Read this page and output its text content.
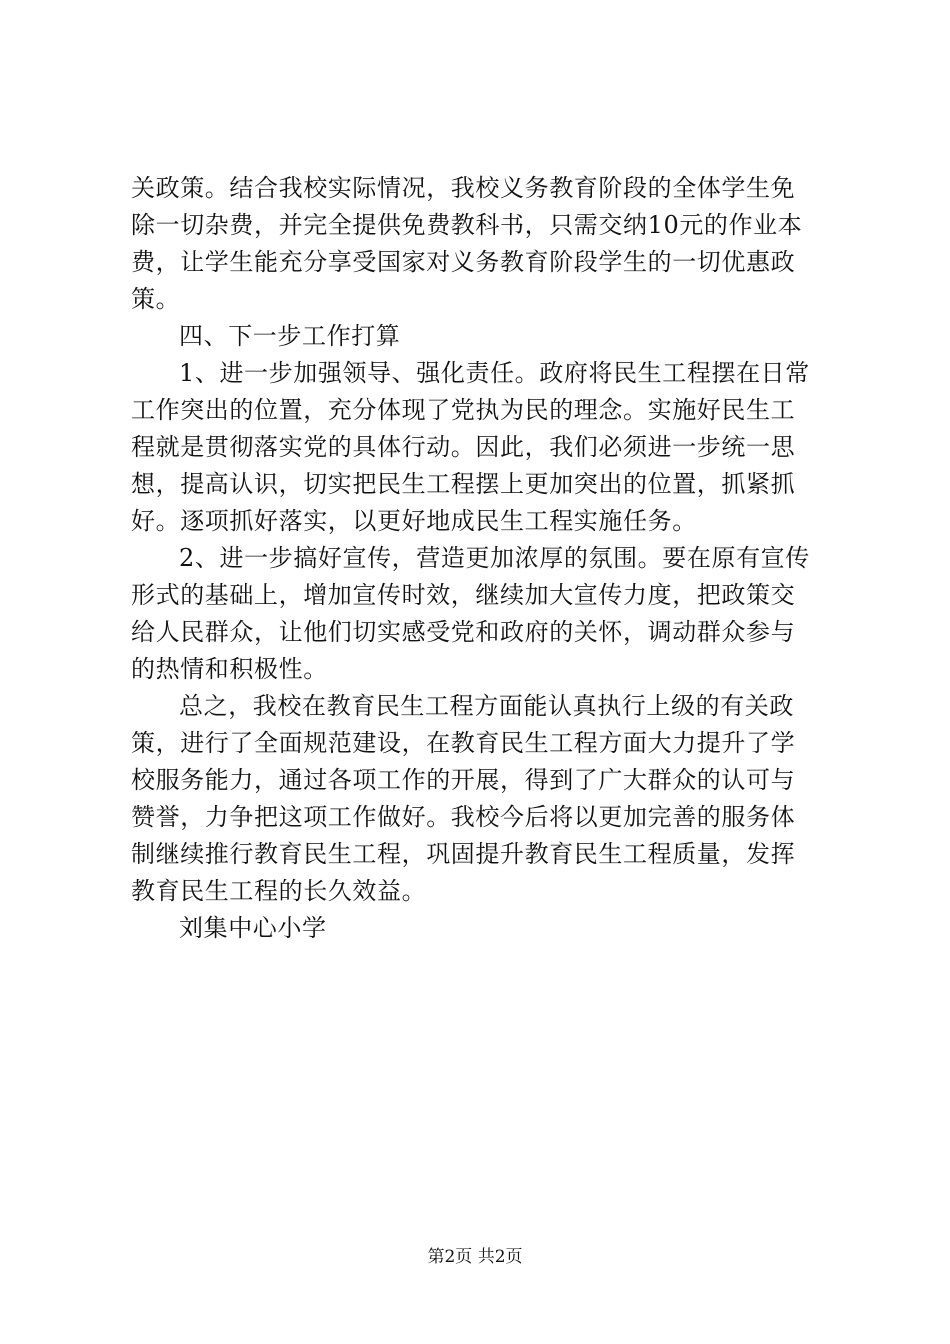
关政策。结合我校实际情况，我校义务教育阶段的全体学生免
除一切杂费，并完全提供免费教科书，只需交纳10元的作业本
费，让学生能充分享受国家对义务教育阶段学生的一切优惠政
策。
四、下一步工作打算
1、进一步加强领导、强化责任。政府将民生工程摆在日常
工作突出的位置，充分体现了党执为民的理念。实施好民生工
程就是贯彻落实党的具体行动。因此，我们必须进一步统一思
想，提高认识，切实把民生工程摆上更加突出的位置，抓紧抓
好。逐项抓好落实，以更好地成民生工程实施任务。
2、进一步搞好宣传，营造更加浓厚的氛围。要在原有宣传
形式的基础上，增加宣传时效，继续加大宣传力度，把政策交
给人民群众，让他们切实感受党和政府的关怀，调动群众参与
的热情和积极性。
总之，我校在教育民生工程方面能认真执行上级的有关政
策，进行了全面规范建设，在教育民生工程方面大力提升了学
校服务能力，通过各项工作的开展，得到了广大群众的认可与
赞誉，力争把这项工作做好。我校今后将以更加完善的服务体
制继续推行教育民生工程，巩固提升教育民生工程质量，发挥
教育民生工程的长久效益。
刘集中心小学
第2页 共2页
